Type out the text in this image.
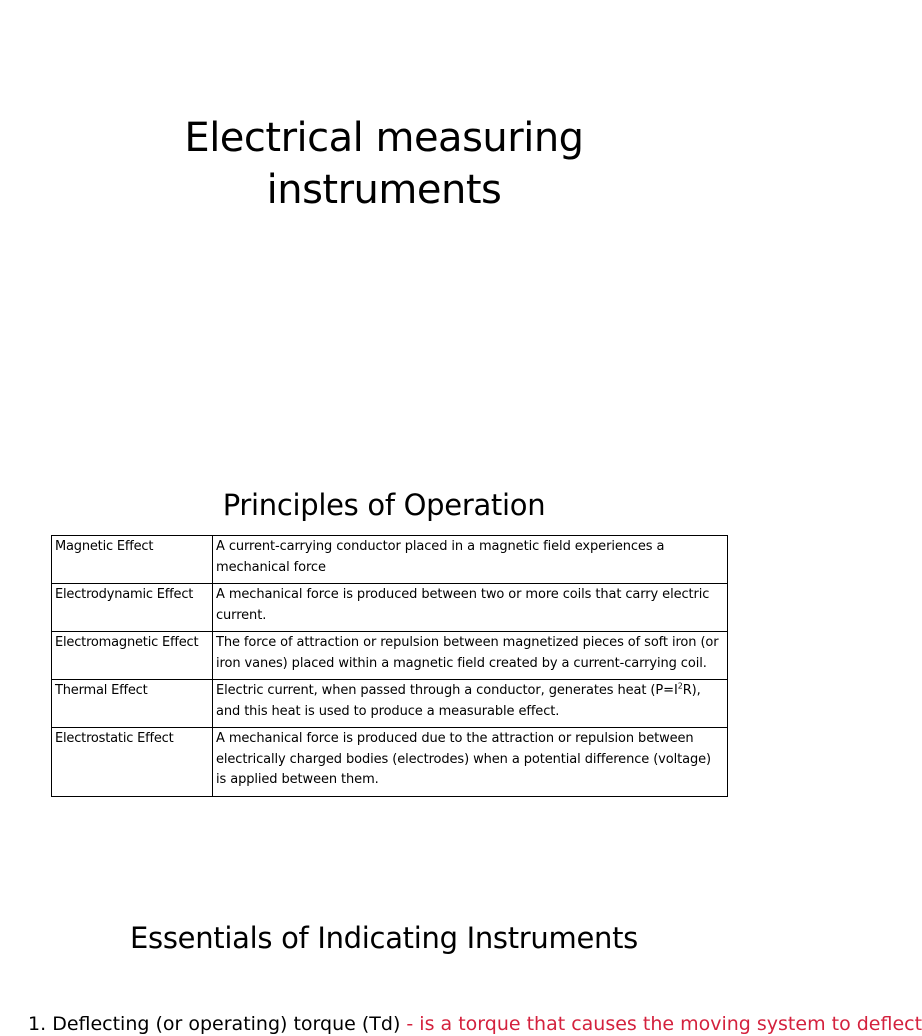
Electrical measuring
instruments
Principles of Operation
Magnetic Effect	A current-carrying conductor placed in a magnetic field experiences a mechanical force
Electrodynamic Effect	A mechanical force is produced between two or more coils that carry electric current.
Electromagnetic Effect	The force of attraction or repulsion between magnetized pieces of soft iron (or iron vanes) placed within a magnetic field created by a current-carrying coil.
Thermal Effect	Electric current, when passed through a conductor, generates heat $(P=I^2R)$, and this heat is used to produce a measurable effect.
Electrostatic Effect	A mechanical force is produced due to the attraction or repulsion between electrically charged bodies (electrodes) when a potential difference (voltage) is applied between them.
Essentials of Indicating Instruments
1. Deflecting (or operating) torque (Td) - is a torque that causes the moving system to deflect
